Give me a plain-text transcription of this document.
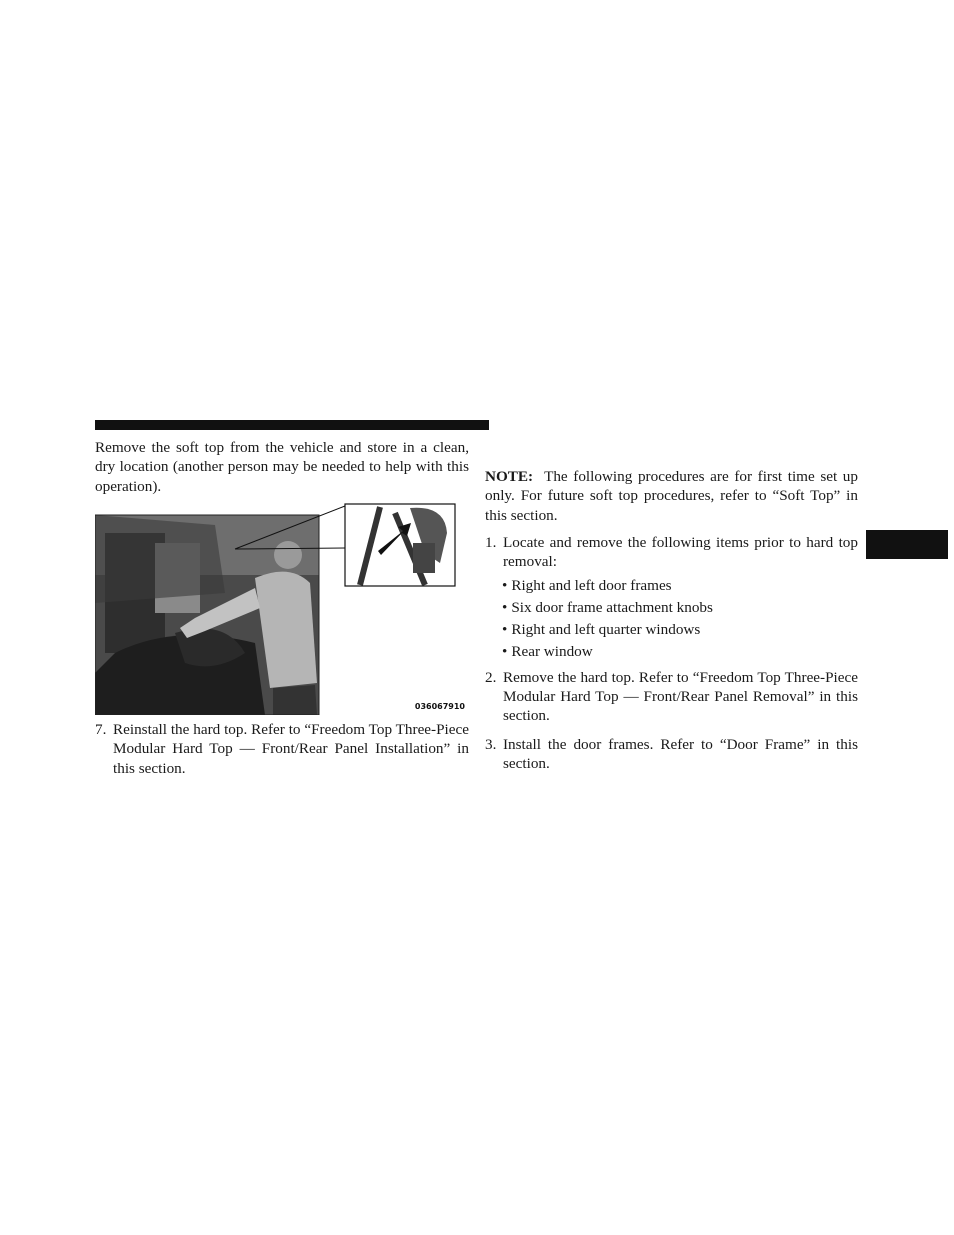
Remove the soft top from the vehicle and store in a clean, dry location (another person may be needed to help with this operation).

036067910
7. Reinstall the hard top. Refer to “Freedom Top Three-Piece Modular Hard Top — Front/Rear Panel Installation” in this section.

NOTE: The following procedures are for first time set up only. For future soft top procedures, refer to “Soft Top” in this section.

1. Locate and remove the following items prior to hard top removal:
• Right and left door frames
• Six door frame attachment knobs
• Right and left quarter windows
• Rear window
2. Remove the hard top. Refer to “Freedom Top Three-Piece Modular Hard Top — Front/Rear Panel Removal” in this section.
3. Install the door frames. Refer to “Door Frame” in this section.
